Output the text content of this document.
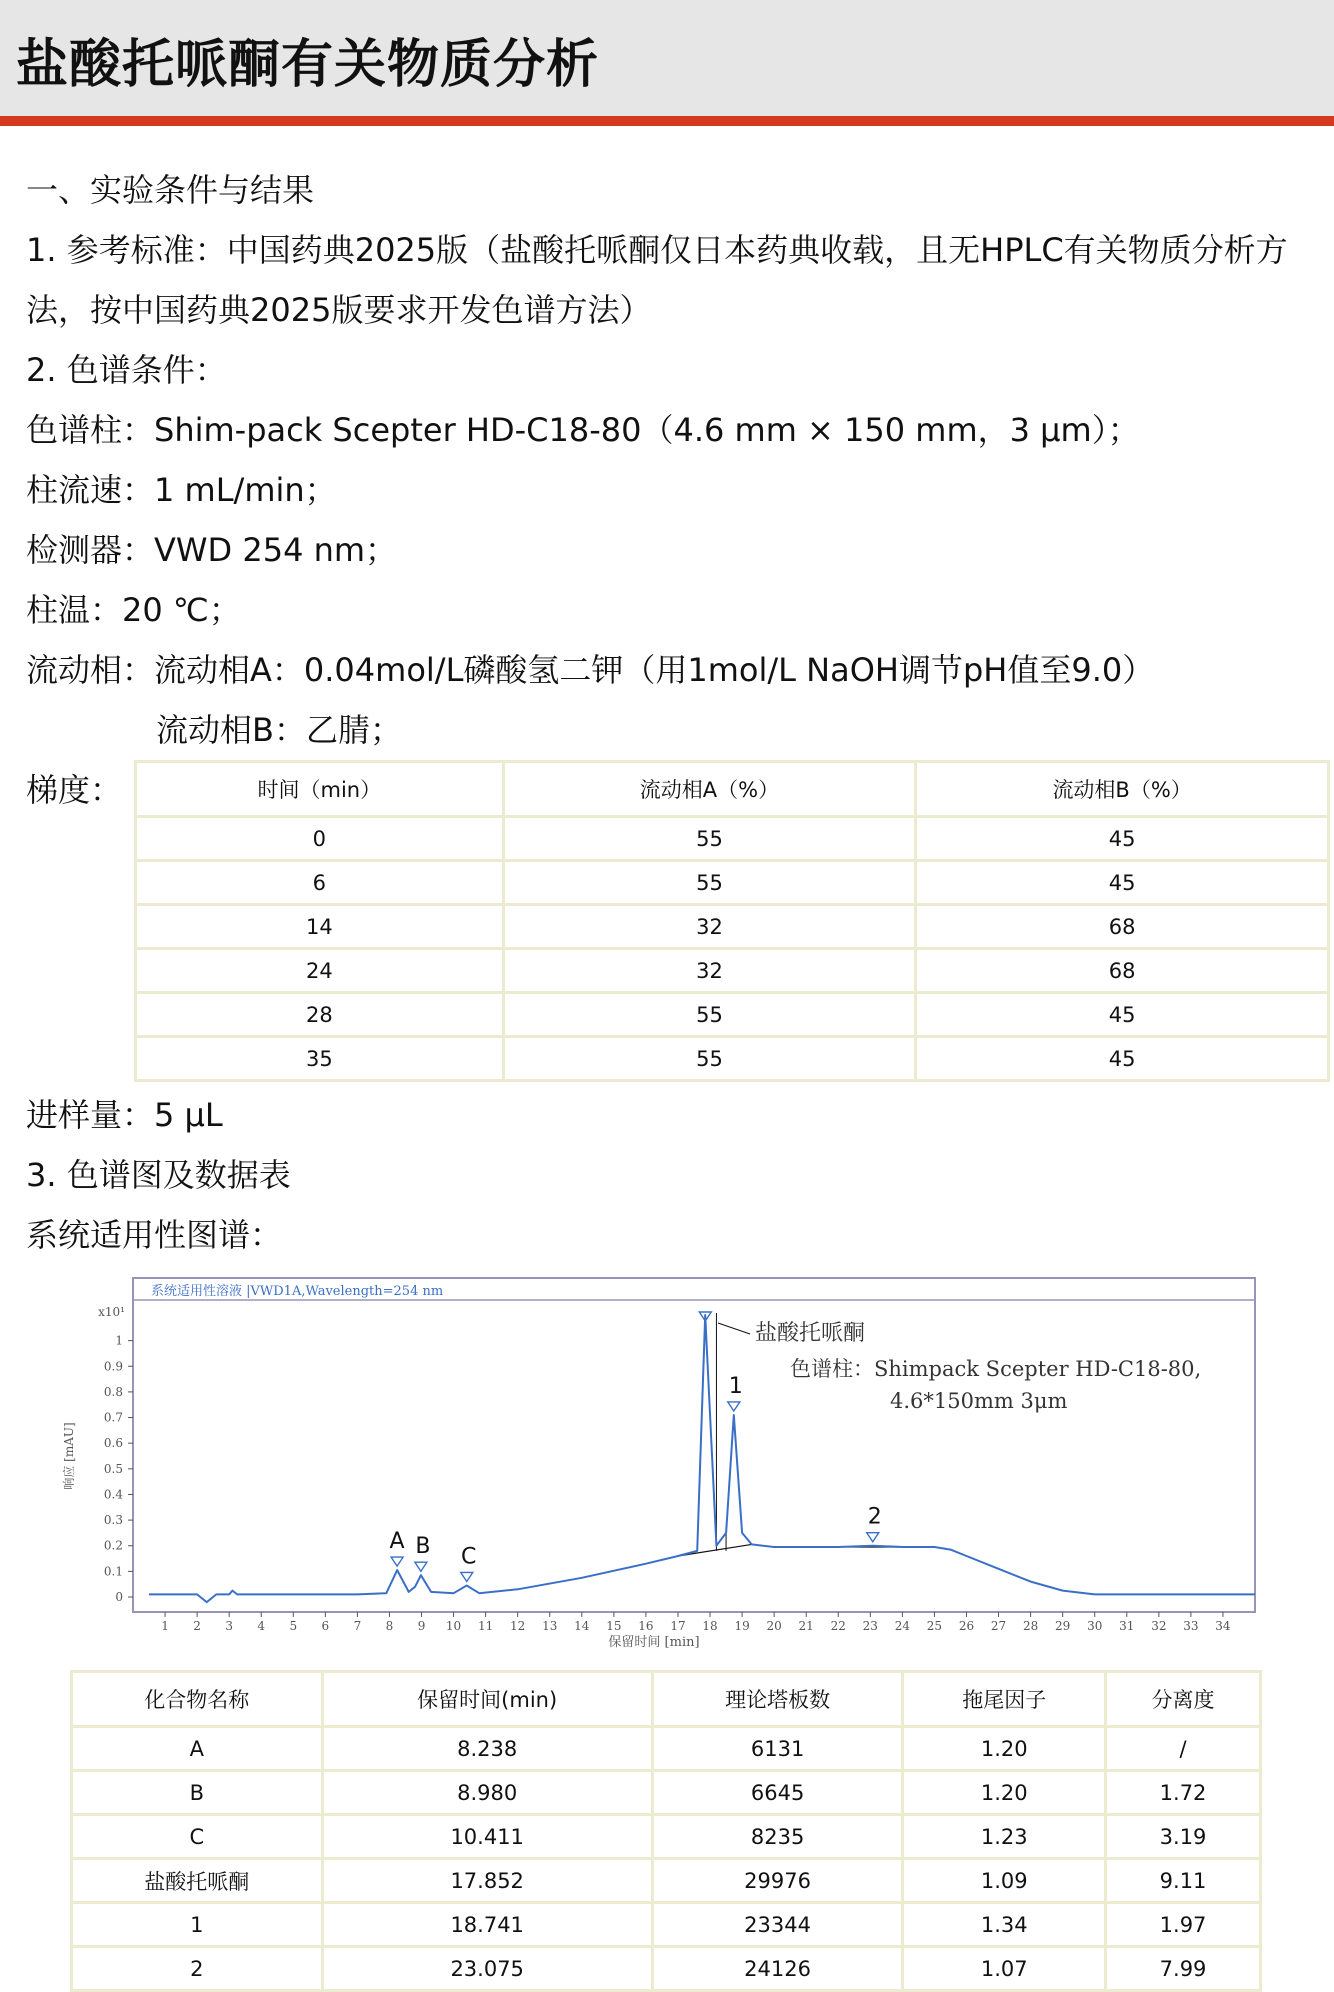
盐酸托哌酮有关物质分析
一、实验条件与结果
1. 参考标准：中国药典2025版（盐酸托哌酮仅日本药典收载，且无HPLC有关物质分析方法，按中国药典2025版要求开发色谱方法）
2. 色谱条件：
色谱柱：Shim-pack Scepter HD-C18-80（4.6 mm × 150 mm，3 μm）；
柱流速：1 mL/min；
检测器：VWD 254 nm；
柱温：20 ℃；
流动相：流动相A：0.04mol/L磷酸氢二钾（用1mol/L NaOH调节pH值至9.0）
流动相B：乙腈；
梯度：	时间（min）	流动相A（%）	流动相B（%）
0	55	45
6	55	45
14	32	68
24	32	68
28	55	45
35	55	45
进样量：5 μL
3. 色谱图及数据表
系统适用性图谱：
系统适用性溶液 |VWD1A,Wavelength=254 nm
x10¹
0
0.1
0.2
0.3
0.4
0.5
0.6
0.7
0.8
0.9
1
响应 [mAU]
1 2 3 4 5 6 7 8 9 10 11 12 13 14 15 16 17 18 19 20 21 22 23 24 25 26 27 28 29 30 31 32 33 34
保留时间 [min]
A B C
1
2
盐酸托哌酮
色谱柱：Shimpack Scepter HD-C18-80,
4.6*150mm 3μm
化合物名称	保留时间(min)	理论塔板数	拖尾因子	分离度
A	8.238	6131	1.20	/
B	8.980	6645	1.20	1.72
C	10.411	8235	1.23	3.19
盐酸托哌酮	17.852	29976	1.09	9.11
1	18.741	23344	1.34	1.97
2	23.075	24126	1.07	7.99
